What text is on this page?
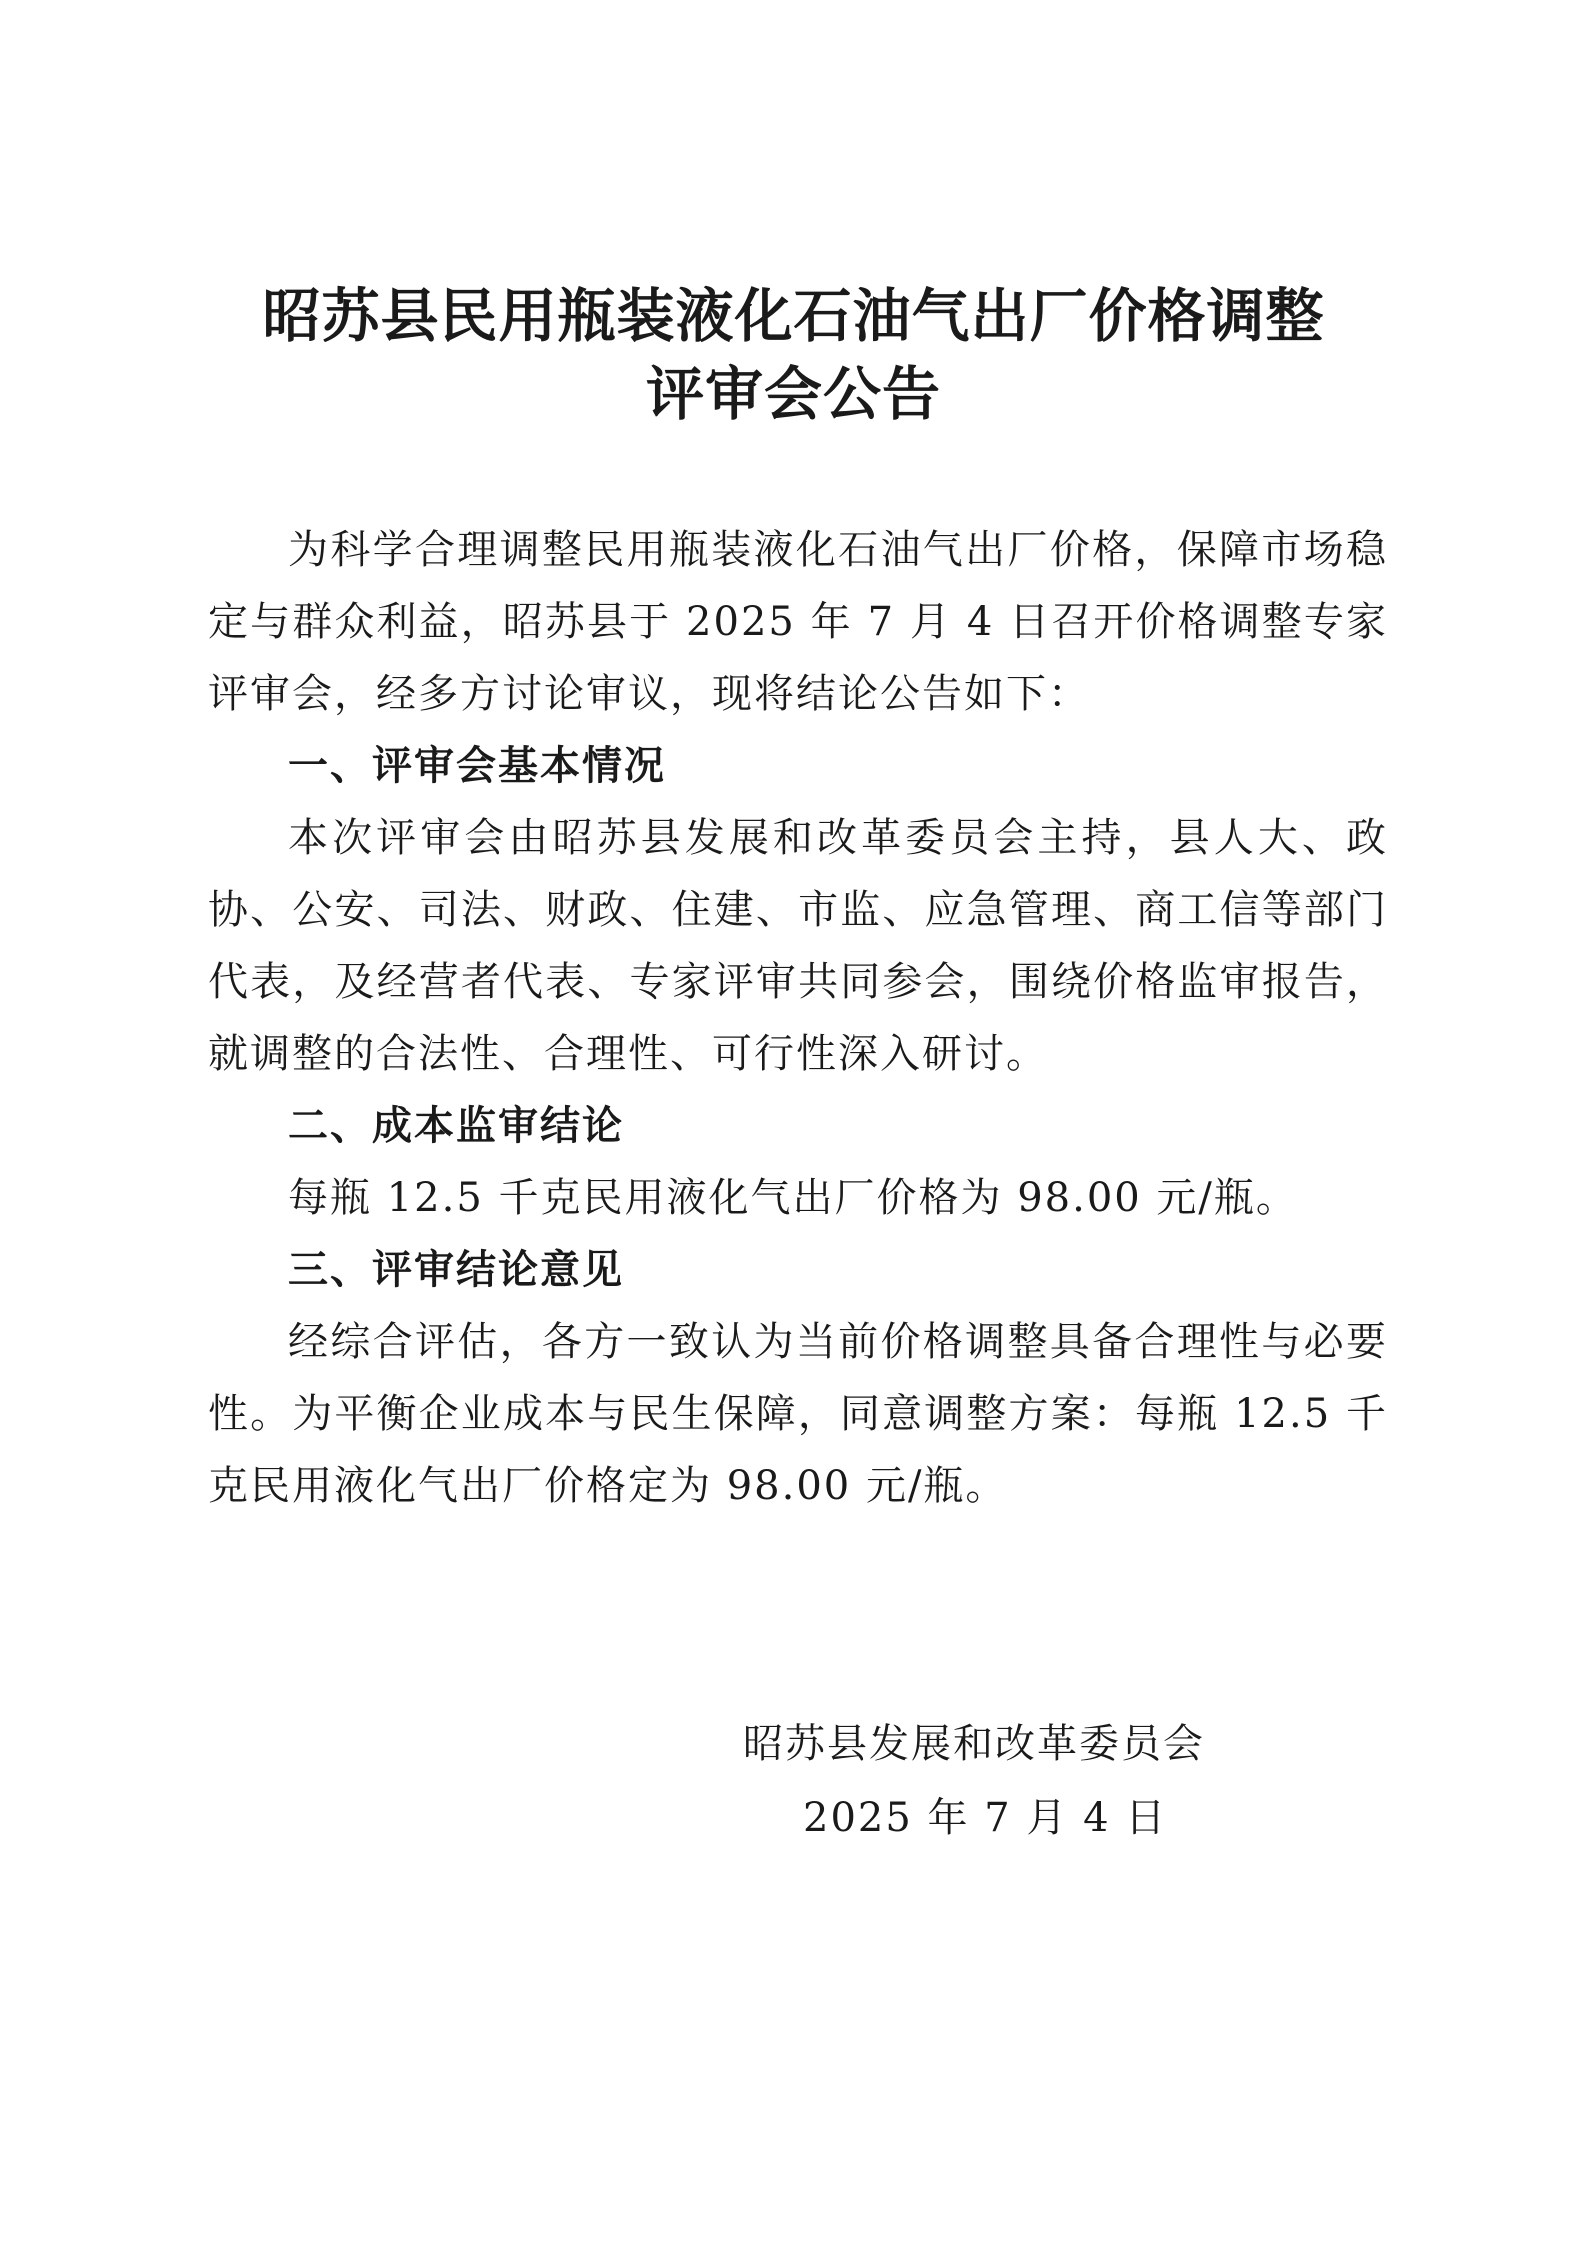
昭苏县民用瓶装液化石油气出厂价格调整
评审会公告

为科学合理调整民用瓶装液化石油气出厂价格，保障市场稳定与群众利益，昭苏县于 2025 年 7 月 4 日召开价格调整专家评审会，经多方讨论审议，现将结论公告如下：

一、评审会基本情况

本次评审会由昭苏县发展和改革委员会主持，县人大、政协、公安、司法、财政、住建、市监、应急管理、商工信等部门代表，及经营者代表、专家评审共同参会，围绕价格监审报告，就调整的合法性、合理性、可行性深入研讨。

二、成本监审结论

每瓶 12.5 千克民用液化气出厂价格为 98.00 元/瓶。

三、评审结论意见

经综合评估，各方一致认为当前价格调整具备合理性与必要性。为平衡企业成本与民生保障，同意调整方案：每瓶 12.5 千克民用液化气出厂价格定为 98.00 元/瓶。

昭苏县发展和改革委员会
2025 年 7 月 4 日
